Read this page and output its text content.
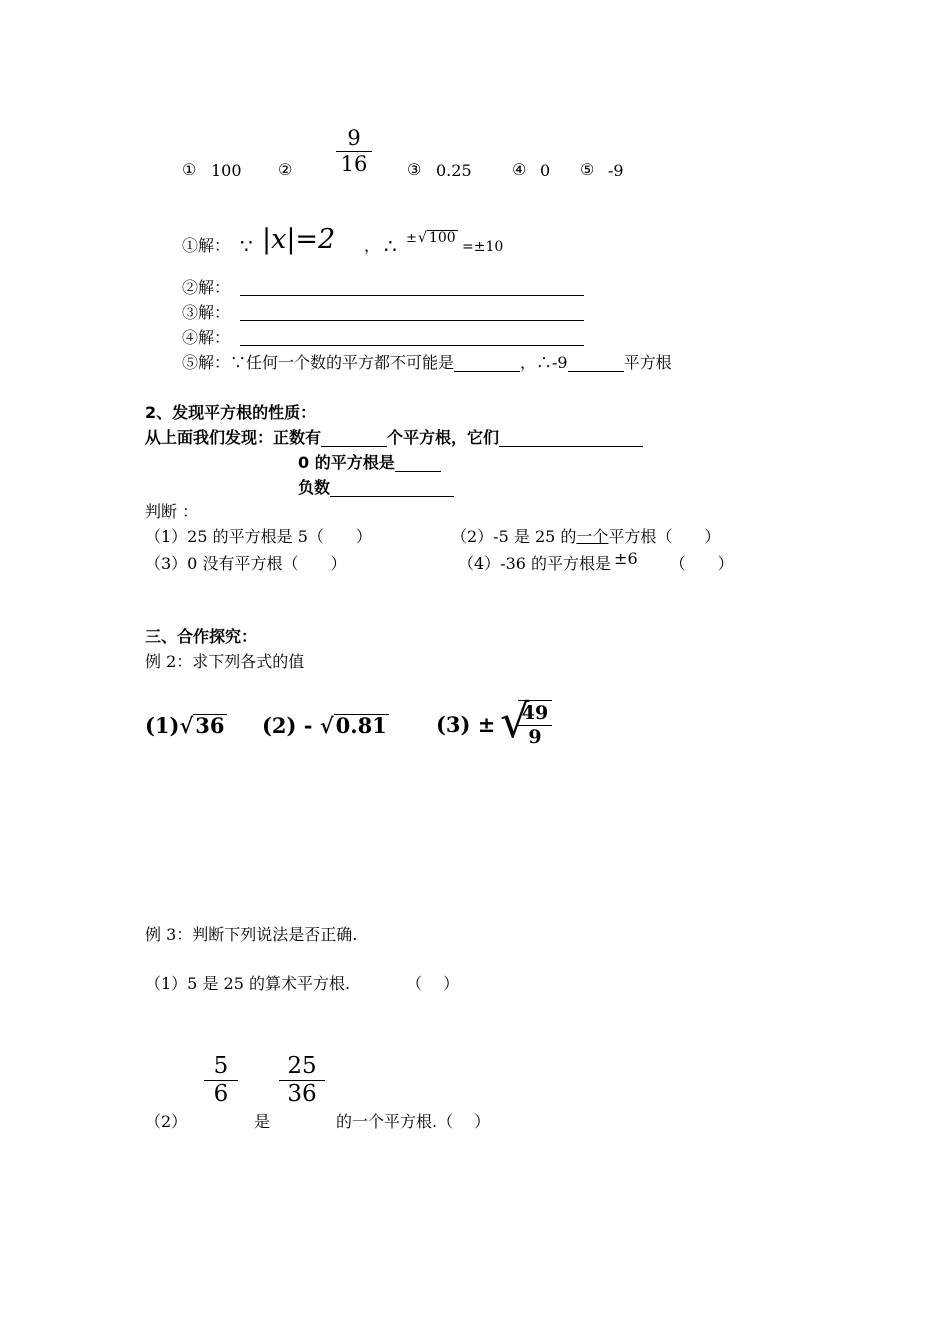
① 100 ②
9
16 ③ 0.25	④ 0 ⑤ -9
①解： ∵ |x|=2 ， ∴ ± √ 100
=±10
②解：
③解：
④解：
⑤解：∵任何一个数的平方都不可能是	，∴-9	平方根
2、发现平方根的性质：
从上面我们发现：正数有	个平方根，它们
0 的平方根是
负数
判断 ：
（1）25 的平方根是 5（　　）	（2）-5 是 25 的一个平方根（　　）
（3）0 没有平方根（　　）	（4）-36 的平方根是 ±6 （　　）
三、合作探究：
例 2：求下列各式的值
(1)√36 (2) - √0.81 (3) ± √
49
9
例 3：判断下列说法是否正确.
（1）5 是 25 的算术平方根.　　　　（　 ）
（2）
5
6
是
25
36
的一个平方根.（　 ）
